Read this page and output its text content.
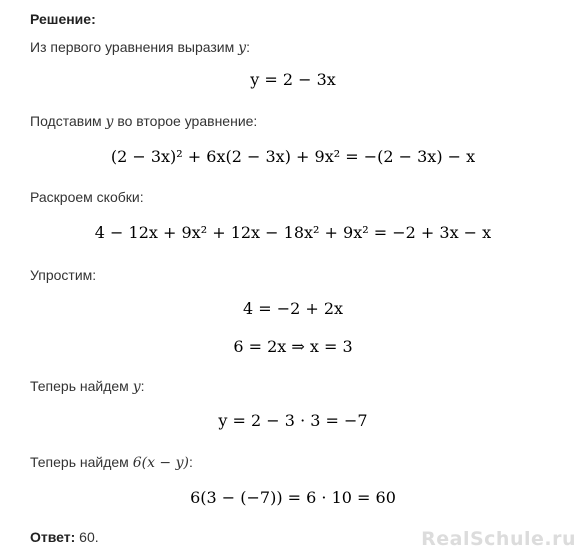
Решение:
Из первого уравнения выразим y:
y = 2 − 3x
Подставим y во второе уравнение:
(2 − 3x)² + 6x(2 − 3x) + 9x² = −(2 − 3x) − x
Раскроем скобки:
4 − 12x + 9x² + 12x − 18x² + 9x² = −2 + 3x − x
Упростим:
4 = −2 + 2x
6 = 2x ⇒ x = 3
Теперь найдем y:
y = 2 − 3 · 3 = −7
Теперь найдем 6(x − y):
6(3 − (−7)) = 6 · 10 = 60
Ответ: 60.	RealSchule.ru
